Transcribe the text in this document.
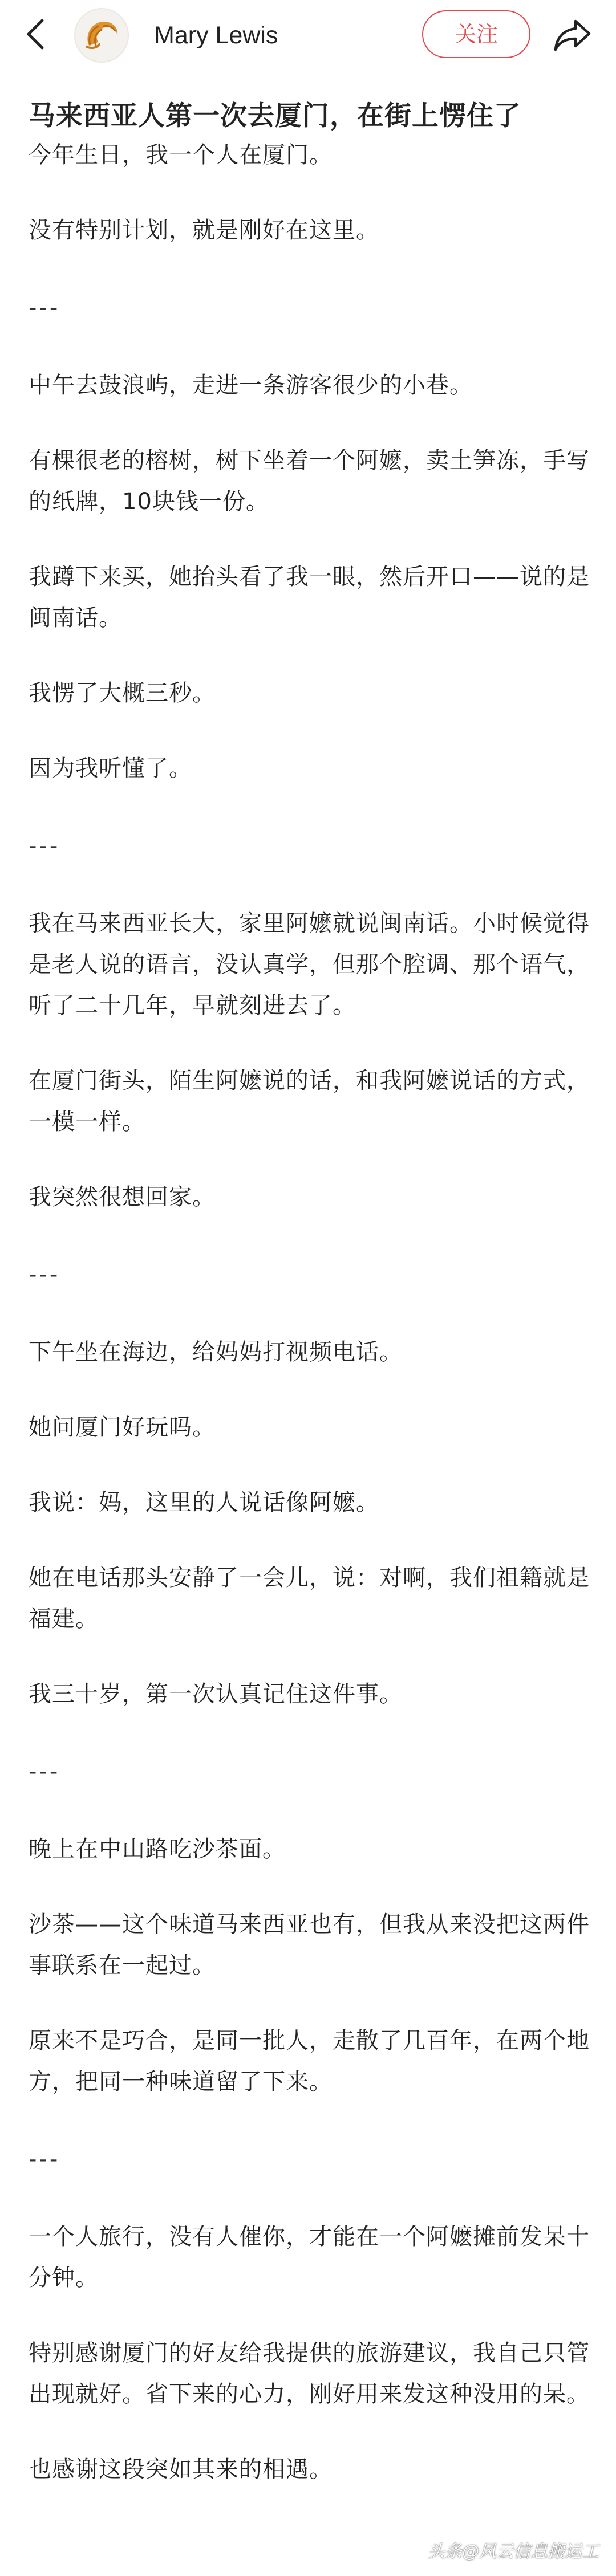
Mary Lewis	关注
马来西亚人第一次去厦门，在街上愣住了

今年生日，我一个人在厦门。

没有特别计划，就是刚好在这里。

---

中午去鼓浪屿，走进一条游客很少的小巷。

有棵很老的榕树，树下坐着一个阿嬷，卖土笋冻，手写的纸牌，10块钱一份。

我蹲下来买，她抬头看了我一眼，然后开口——说的是闽南话。

我愣了大概三秒。

因为我听懂了。

---

我在马来西亚长大，家里阿嬷就说闽南话。小时候觉得是老人说的语言，没认真学，但那个腔调、那个语气，听了二十几年，早就刻进去了。

在厦门街头，陌生阿嬷说的话，和我阿嬷说话的方式，一模一样。

我突然很想回家。

---

下午坐在海边，给妈妈打视频电话。

她问厦门好玩吗。

我说：妈，这里的人说话像阿嬷。

她在电话那头安静了一会儿，说：对啊，我们祖籍就是福建。

我三十岁，第一次认真记住这件事。

---

晚上在中山路吃沙茶面。

沙茶——这个味道马来西亚也有，但我从来没把这两件事联系在一起过。

原来不是巧合，是同一批人，走散了几百年，在两个地方，把同一种味道留了下来。

---

一个人旅行，没有人催你，才能在一个阿嬷摊前发呆十分钟。

特别感谢厦门的好友给我提供的旅游建议，我自己只管出现就好。省下来的心力，刚好用来发这种没用的呆。

也感谢这段突如其来的相遇。

头条@风云信息搬运工
